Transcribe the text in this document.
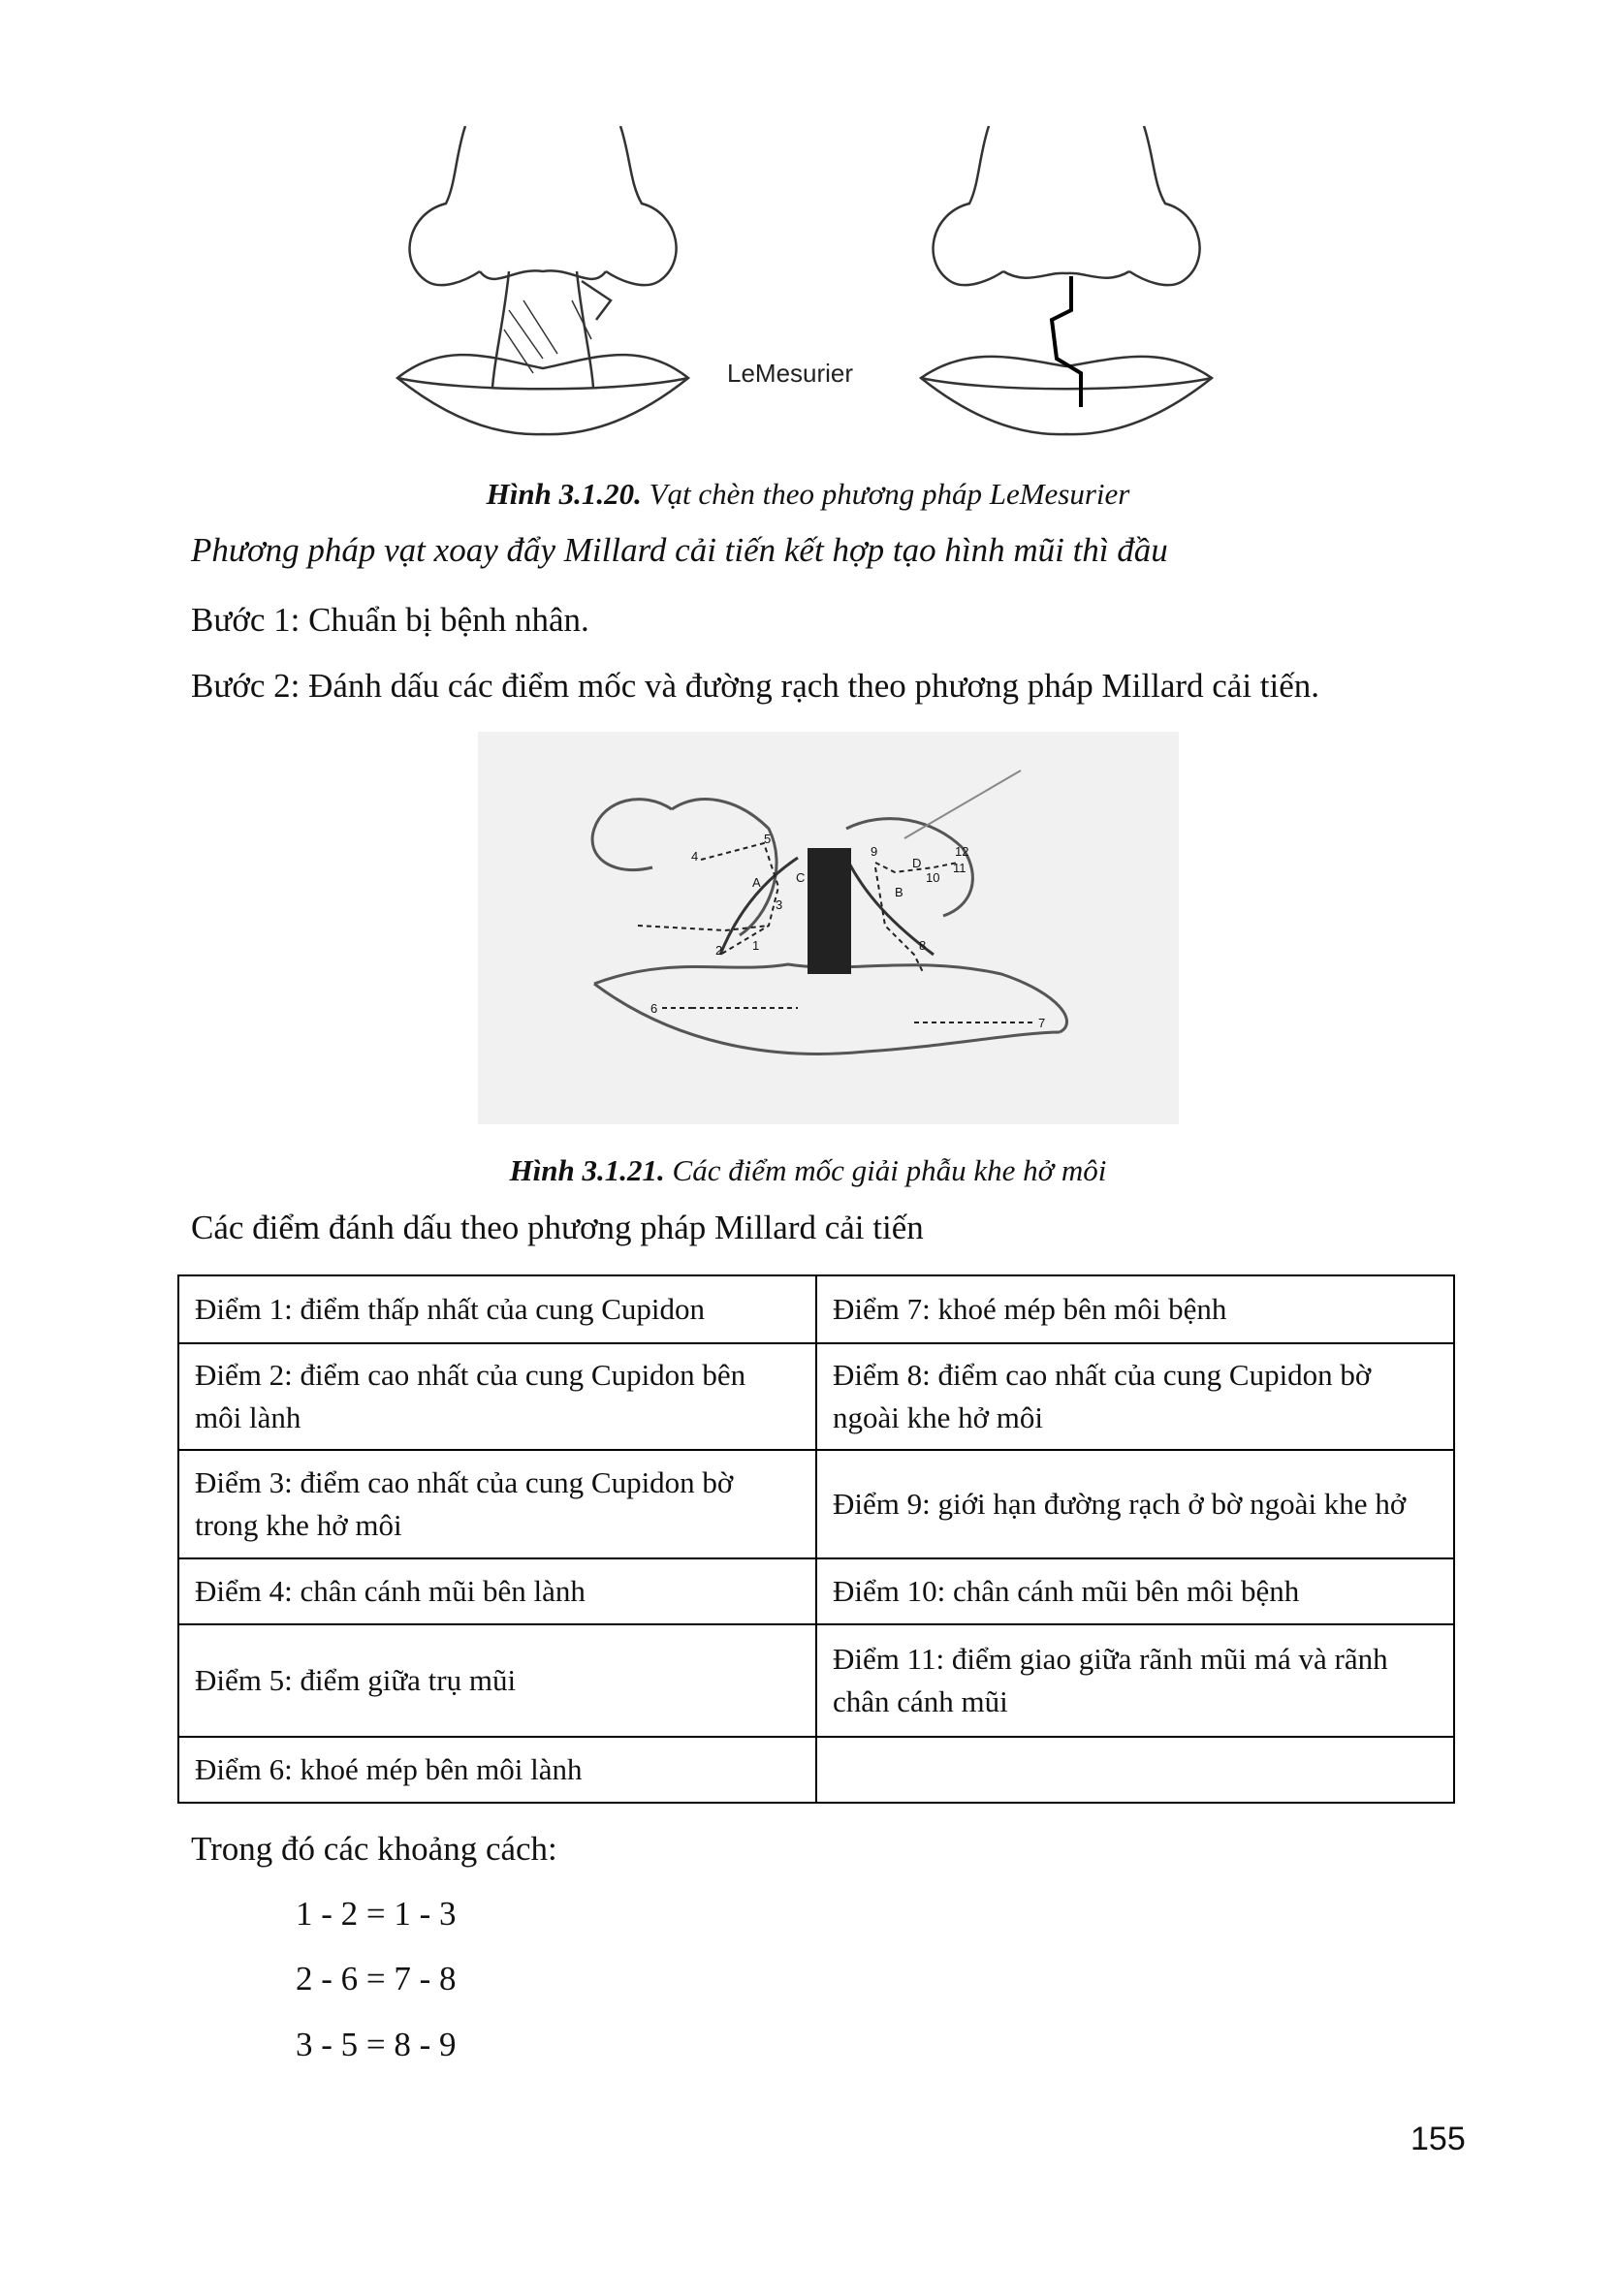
LeMesurier
Hình 3.1.20. Vạt chèn theo phương pháp LeMesurier
Phương pháp vạt xoay đẩy Millard cải tiến kết hợp tạo hình mũi thì đầu
Bước 1: Chuẩn bị bệnh nhân.
Bước 2: Đánh dấu các điểm mốc và đường rạch theo phương pháp Millard cải tiến.
4
5
3
2 1
6
9
10
11
12
8
7
A	C
B
D
Hình 3.1.21. Các điểm mốc giải phẫu khe hở môi
Các điểm đánh dấu theo phương pháp Millard cải tiến
Điểm 1: điểm thấp nhất của cung Cupidon	Điểm 7: khoé mép bên môi bệnh
Điểm 2: điểm cao nhất của cung Cupidon bên môi lành	Điểm 8: điểm cao nhất của cung Cupidon bờ ngoài khe hở môi
Điểm 3: điểm cao nhất của cung Cupidon bờ trong khe hở môi	Điểm 9: giới hạn đường rạch ở bờ ngoài khe hở
Điểm 4: chân cánh mũi bên lành	Điểm 10: chân cánh mũi bên môi bệnh
Điểm 5: điểm giữa trụ mũi	Điểm 11: điểm giao giữa rãnh mũi má và rãnh chân cánh mũi
Điểm 6: khoé mép bên môi lành	
Trong đó các khoảng cách:
1 - 2 = 1 - 3
2 - 6 = 7 - 8
3 - 5 = 8 - 9
155
